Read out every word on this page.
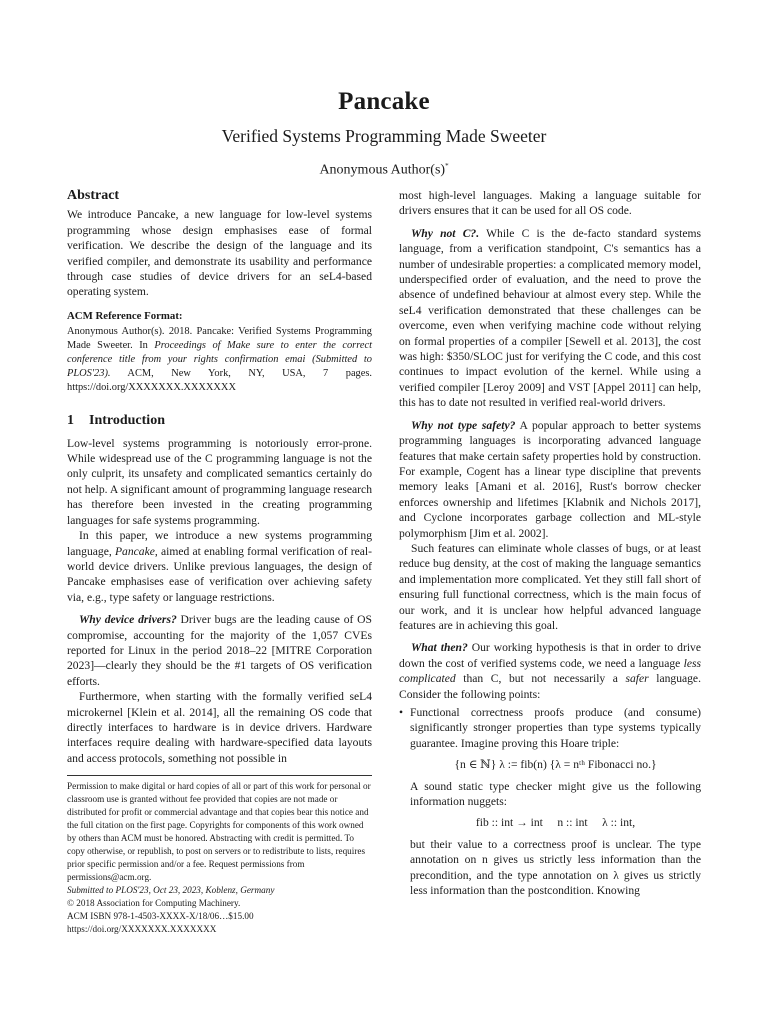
Pancake
Verified Systems Programming Made Sweeter
Anonymous Author(s)*
Abstract

We introduce Pancake, a new language for low-level systems programming whose design emphasises ease of formal verification. We describe the design of the language and its verified compiler, and demonstrate its usability and performance through case studies of device drivers for an seL4-based operating system.

ACM Reference Format:

Anonymous Author(s). 2018. Pancake: Verified Systems Programming Made Sweeter. In Proceedings of Make sure to enter the correct conference title from your rights confirmation emai (Submitted to PLOS'23). ACM, New York, NY, USA, 7 pages. https://doi.org/XXXXXXX.XXXXXXX

1 Introduction

Low-level systems programming is notoriously error-prone. While widespread use of the C programming language is not the only culprit, its unsafety and complicated semantics certainly do not help. A significant amount of programming language research has therefore been invested in the creating programming languages for safe systems programming.

In this paper, we introduce a new systems programming language, Pancake, aimed at enabling formal verification of real-world device drivers. Unlike previous languages, the design of Pancake emphasises ease of verification over achieving safety via, e.g., type safety or language restrictions.

Why device drivers? Driver bugs are the leading cause of OS compromise, accounting for the majority of the 1,057 CVEs reported for Linux in the period 2018–22 [MITRE Corporation 2023]—clearly they should be the #1 targets of OS verification efforts.

Furthermore, when starting with the formally verified seL4 microkernel [Klein et al. 2014], all the remaining OS code that directly interfaces to hardware is in device drivers. Hardware interfaces require dealing with hardware-specified data layouts and access protocols, something not possible in

Permission to make digital or hard copies of all or part of this work for personal or classroom use is granted without fee provided that copies are not made or distributed for profit or commercial advantage and that copies bear this notice and the full citation on the first page. Copyrights for components of this work owned by others than ACM must be honored. Abstracting with credit is permitted. To copy otherwise, or republish, to post on servers or to redistribute to lists, requires prior specific permission and/or a fee. Request permissions from permissions@acm.org.

Submitted to PLOS'23, Oct 23, 2023, Koblenz, Germany

© 2018 Association for Computing Machinery.

ACM ISBN 978-1-4503-XXXX-X/18/06…$15.00

https://doi.org/XXXXXXX.XXXXXXX

most high-level languages. Making a language suitable for drivers ensures that it can be used for all OS code.

Why not C?. While C is the de-facto standard systems language, from a verification standpoint, C's semantics has a number of undesirable properties: a complicated memory model, underspecified order of evaluation, and the need to prove the absence of undefined behaviour at almost every step. While the seL4 verification demonstrated that these challenges can be overcome, even when verifying machine code without relying on formal properties of a compiler [Sewell et al. 2013], the cost was high: $350/SLOC just for verifying the C code, and this cost continues to impact evolution of the kernel. While using a verified compiler [Leroy 2009] and VST [Appel 2011] can help, this has to date not resulted in verified real-world drivers.

Why not type safety? A popular approach to better systems programming languages is incorporating advanced language features that make certain safety properties hold by construction. For example, Cogent has a linear type discipline that prevents memory leaks [Amani et al. 2016], Rust's borrow checker enforces ownership and lifetimes [Klabnik and Nichols 2017], and Cyclone incorporates garbage collection and ML-style polymorphism [Jim et al. 2002].

Such features can eliminate whole classes of bugs, or at least reduce bug density, at the cost of making the language semantics and implementation more complicated. Yet they still fall short of ensuring full functional correctness, which is the main focus of our work, and it is unclear how helpful advanced language features are in achieving this goal.

What then? Our working hypothesis is that in order to drive down the cost of verified systems code, we need a language less complicated than C, but not necessarily a safer language. Consider the following points:

• Functional correctness proofs produce (and consume) significantly stronger properties than type systems typically guarantee. Imagine proving this Hoare triple:
{n ∈ ℕ} λ := fib(n) {λ = nᵗʰ Fibonacci no.}

A sound static type checker might give us the following information nuggets:

fib :: int → int     n :: int     λ :: int,

but their value to a correctness proof is unclear. The type annotation on n gives us strictly less information than the precondition, and the type annotation on λ gives us strictly less information than the postcondition. Knowing
